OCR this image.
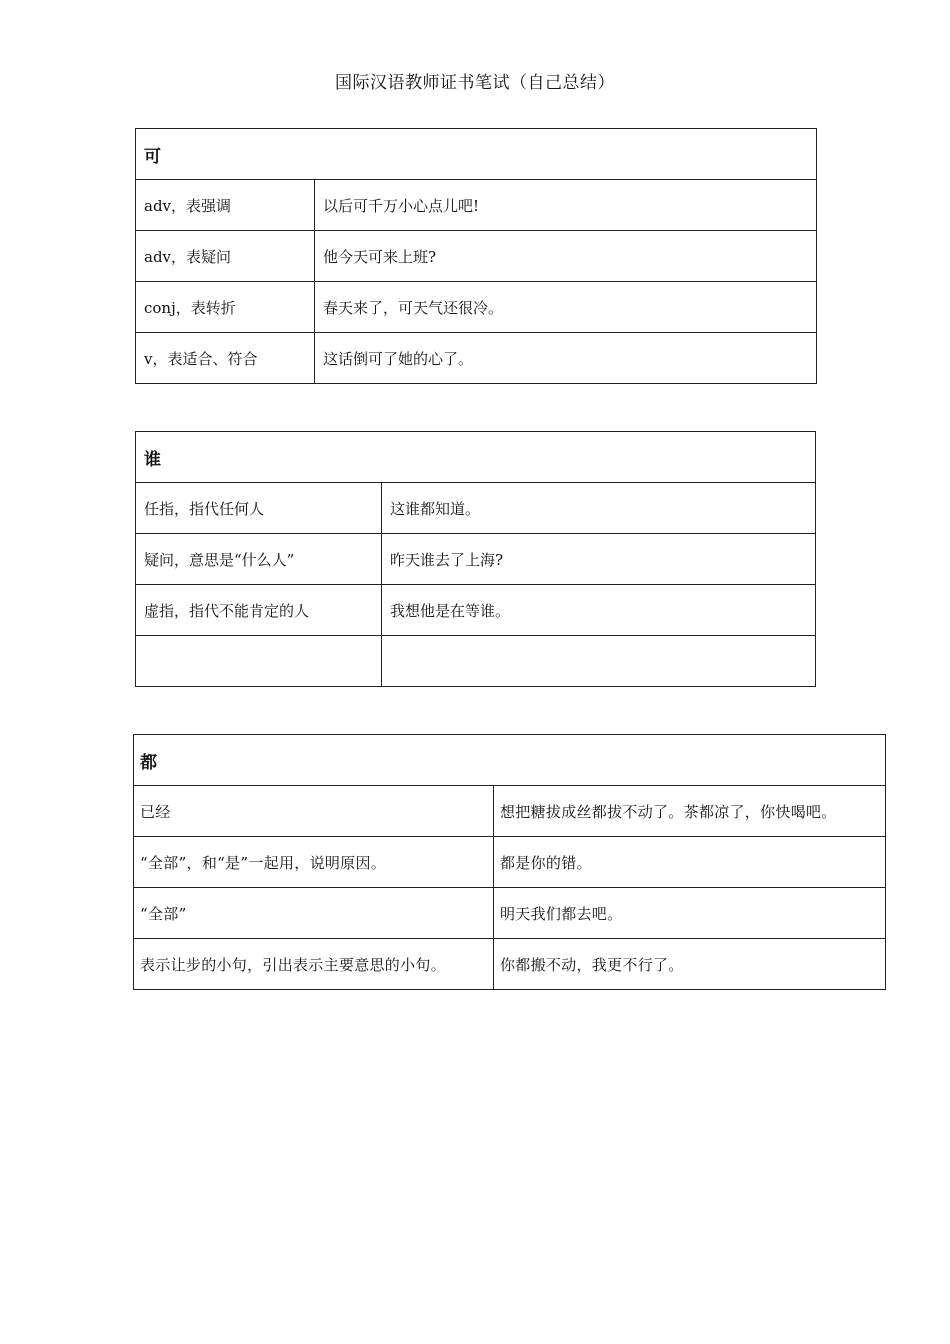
国际汉语教师证书笔试（自己总结）
可	
adv，表强调	以后可千万小心点儿吧!
adv，表疑问	他今天可来上班?
conj，表转折	春天来了，可天气还很冷。
v，表适合、符合	这话倒可了她的心了。
谁	
任指，指代任何人	这谁都知道。
疑问，意思是“什么人”	昨天谁去了上海?
虚指，指代不能肯定的人	我想他是在等谁。

都	
已经	想把糖拔成丝都拔不动了。茶都凉了，你快喝吧。
“全部”，和“是”一起用，说明原因。	都是你的错。
“全部”	明天我们都去吧。
表示让步的小句，引出表示主要意思的小句。	你都搬不动，我更不行了。
